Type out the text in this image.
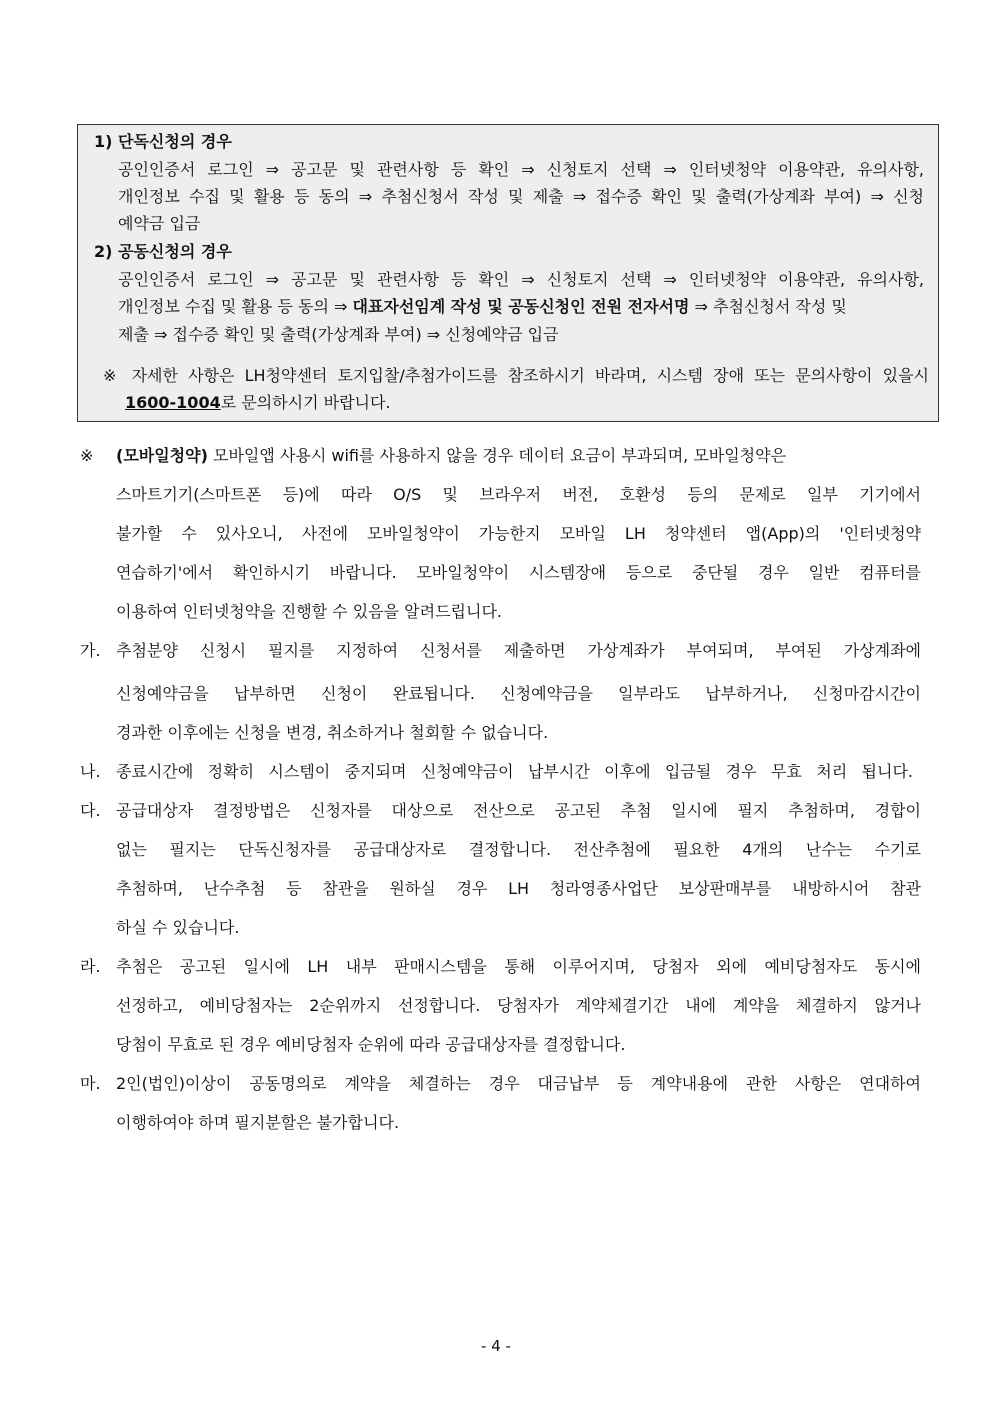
1) 단독신청의 경우
공인인증서 로그인 ⇒ 공고문 및 관련사항 등 확인 ⇒ 신청토지 선택 ⇒ 인터넷청약 이용약관, 유의사항,
개인정보 수집 및 활용 등 동의 ⇒ 추첨신청서 작성 및 제출 ⇒ 접수증 확인 및 출력(가상계좌 부여) ⇒ 신청
예약금 입금
2) 공동신청의 경우
공인인증서 로그인 ⇒ 공고문 및 관련사항 등 확인 ⇒ 신청토지 선택 ⇒ 인터넷청약 이용약관, 유의사항,
개인정보 수집 및 활용 등 동의 ⇒ 대표자선임계 작성 및 공동신청인 전원 전자서명 ⇒ 추첨신청서 작성 및
제출 ⇒ 접수증 확인 및 출력(가상계좌 부여) ⇒ 신청예약금 입금
※ 자세한 사항은 LH청약센터 토지입찰/추첨가이드를 참조하시기 바라며, 시스템 장애 또는 문의사항이 있을시
1600-1004로 문의하시기 바랍니다.
※ (모바일청약) 모바일앱 사용시 wifi를 사용하지 않을 경우 데이터 요금이 부과되며, 모바일청약은
스마트기기(스마트폰 등)에 따라 O/S 및 브라우저 버전, 호환성 등의 문제로 일부 기기에서
불가할 수 있사오니, 사전에 모바일청약이 가능한지 모바일 LH 청약센터 앱(App)의 '인터넷청약
연습하기'에서 확인하시기 바랍니다. 모바일청약이 시스템장애 등으로 중단될 경우 일반 컴퓨터를
이용하여 인터넷청약을 진행할 수 있음을 알려드립니다.
가. 추첨분양 신청시 필지를 지정하여 신청서를 제출하면 가상계좌가 부여되며, 부여된 가상계좌에
신청예약금을 납부하면 신청이 완료됩니다. 신청예약금을 일부라도 납부하거나, 신청마감시간이
경과한 이후에는 신청을 변경, 취소하거나 철회할 수 없습니다.
나. 종료시간에 정확히 시스템이 중지되며 신청예약금이 납부시간 이후에 입금될 경우 무효 처리 됩니다.
다. 공급대상자 결정방법은 신청자를 대상으로 전산으로 공고된 추첨 일시에 필지 추첨하며, 경합이
없는 필지는 단독신청자를 공급대상자로 결정합니다. 전산추첨에 필요한 4개의 난수는 수기로
추첨하며, 난수추첨 등 참관을 원하실 경우 LH 청라영종사업단 보상판매부를 내방하시어 참관
하실 수 있습니다.
라. 추첨은 공고된 일시에 LH 내부 판매시스템을 통해 이루어지며, 당첨자 외에 예비당첨자도 동시에
선정하고, 예비당첨자는 2순위까지 선정합니다. 당첨자가 계약체결기간 내에 계약을 체결하지 않거나
당첨이 무효로 된 경우 예비당첨자 순위에 따라 공급대상자를 결정합니다.
마. 2인(법인)이상이 공동명의로 계약을 체결하는 경우 대금납부 등 계약내용에 관한 사항은 연대하여
이행하여야 하며 필지분할은 불가합니다.
- 4 -
